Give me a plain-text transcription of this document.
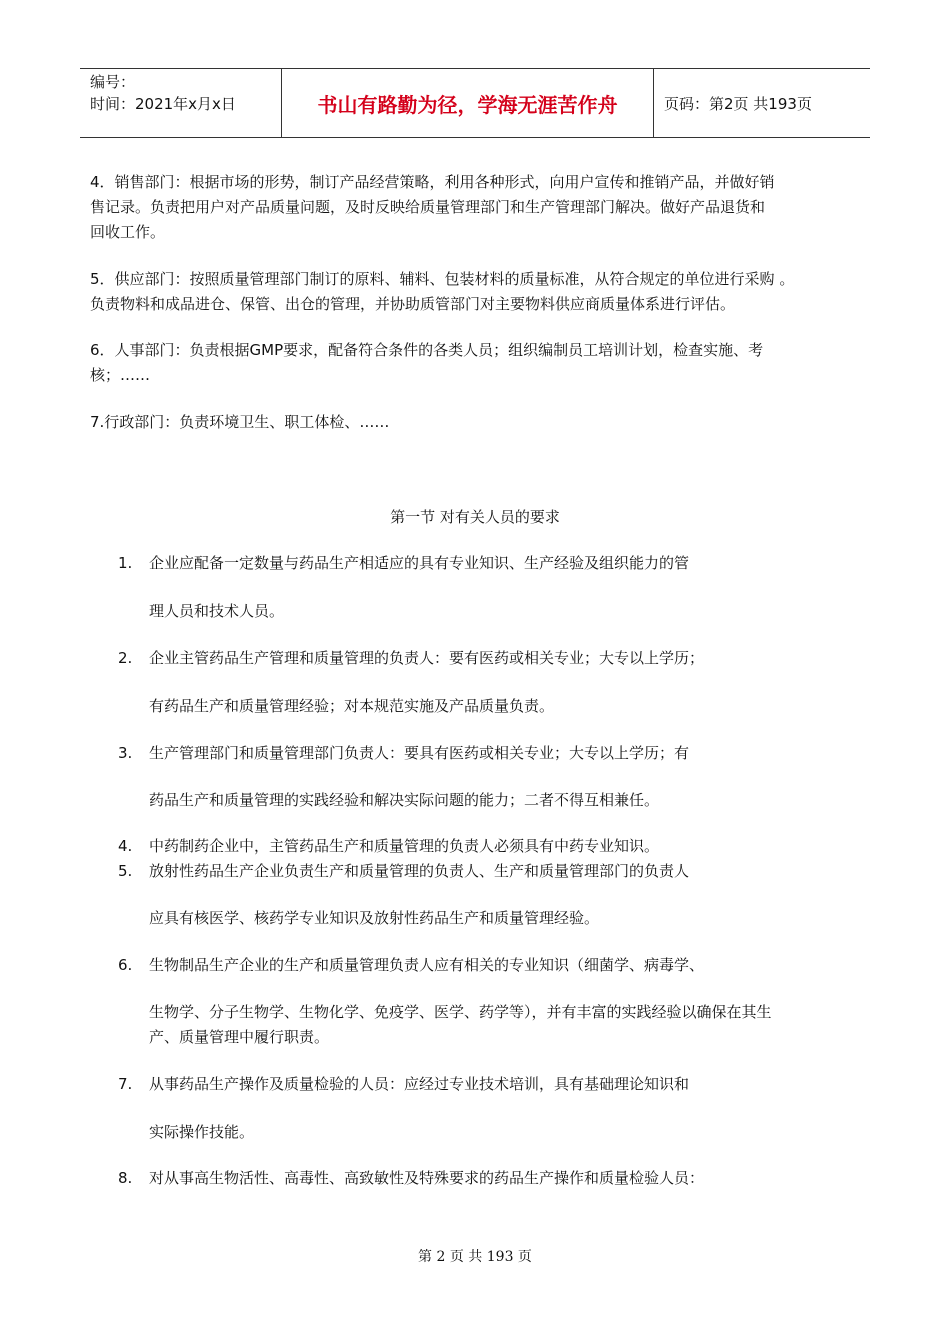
编号：
时间：2021年x月x日	书山有路勤为径，学海无涯苦作舟	页码：第2页 共193页
4．销售部门：根据市场的形势，制订产品经营策略，利用各种形式，向用户宣传和推销产品，并做好销
售记录。负责把用户对产品质量问题，及时反映给质量管理部门和生产管理部门解决。做好产品退货和
回收工作。
5．供应部门：按照质量管理部门制订的原料、辅料、包装材料的质量标准，从符合规定的单位进行采购 。
负责物料和成品进仓、保管、出仓的管理，并协助质管部门对主要物料供应商质量体系进行评估。
6．人事部门：负责根据GMP要求，配备符合条件的各类人员；组织编制员工培训计划，检查实施、考
核；……
7.行政部门：负责环境卫生、职工体检、……
第一节 对有关人员的要求
1. 企业应配备一定数量与药品生产相适应的具有专业知识、生产经验及组织能力的管
理人员和技术人员。
2. 企业主管药品生产管理和质量管理的负责人：要有医药或相关专业；大专以上学历；
有药品生产和质量管理经验；对本规范实施及产品质量负责。
3. 生产管理部门和质量管理部门负责人：要具有医药或相关专业；大专以上学历；有
药品生产和质量管理的实践经验和解决实际问题的能力；二者不得互相兼任。
4. 中药制药企业中，主管药品生产和质量管理的负责人必须具有中药专业知识。
5. 放射性药品生产企业负责生产和质量管理的负责人、生产和质量管理部门的负责人
应具有核医学、核药学专业知识及放射性药品生产和质量管理经验。
6. 生物制品生产企业的生产和质量管理负责人应有相关的专业知识（细菌学、病毒学、
生物学、分子生物学、生物化学、免疫学、医学、药学等），并有丰富的实践经验以确保在其生
产、质量管理中履行职责。
7. 从事药品生产操作及质量检验的人员：应经过专业技术培训，具有基础理论知识和
实际操作技能。
8. 对从事高生物活性、高毒性、高致敏性及特殊要求的药品生产操作和质量检验人员：
第 2 页 共 193 页
